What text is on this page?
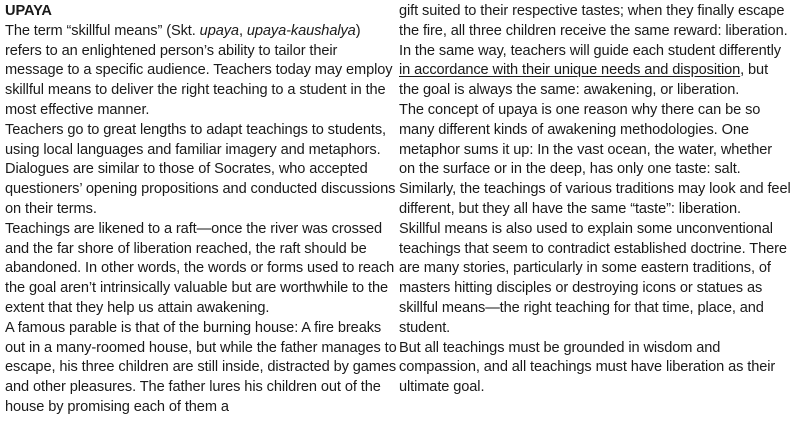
UPAYA

The term “skillful means” (Skt. upaya, upaya-kaushalya) refers to an enlightened person’s ability to tailor their message to a specific audience. Teachers today may employ skillful means to deliver the right teaching to a student in the most effective manner.

Teachers go to great lengths to adapt teachings to students, using local languages and familiar imagery and metaphors. Dialogues are similar to those of Socrates, who accepted questioners’ opening propositions and conducted discussions on their terms.

Teachings are likened to a raft—once the river was crossed and the far shore of liberation reached, the raft should be abandoned. In other words, the words or forms used to reach the goal aren’t intrinsically valuable but are worthwhile to the extent that they help us attain awakening.

A famous parable is that of the burning house: A fire breaks out in a many-roomed house, but while the father manages to escape, his three children are still inside, distracted by games and other pleasures. The father lures his children out of the house by promising each of them a

gift suited to their respective tastes; when they finally escape the fire, all three children receive the same reward: liberation. In the same way, teachers will guide each student differently in accordance with their unique needs and disposition, but the goal is always the same: awakening, or liberation.

The concept of upaya is one reason why there can be so many different kinds of awakening methodologies. One metaphor sums it up: In the vast ocean, the water, whether on the surface or in the deep, has only one taste: salt. Similarly, the teachings of various traditions may look and feel different, but they all have the same “taste”: liberation.

Skillful means is also used to explain some unconventional teachings that seem to contradict established doctrine. There are many stories, particularly in some eastern traditions, of masters hitting disciples or destroying icons or statues as skillful means—the right teaching for that time, place, and student.

But all teachings must be grounded in wisdom and compassion, and all teachings must have liberation as their ultimate goal.
